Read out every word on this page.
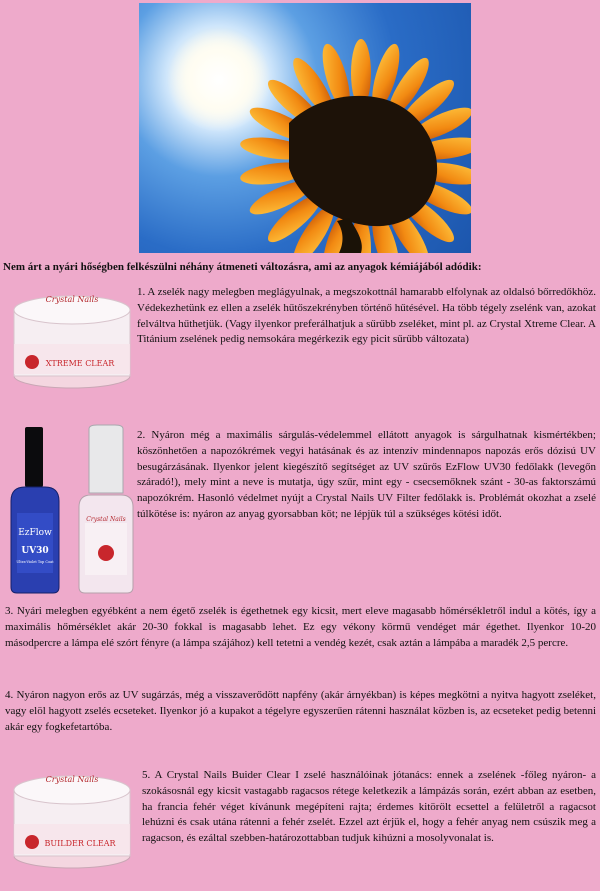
Nem árt a nyári hőségben felkészülni néhány átmeneti változásra, ami az anyagok kémiájából adódik:
Crystal Nails
XTREME CLEAR

1. A zselék nagy melegben meglágyulnak, a megszokottnál hamarabb elfolynak az oldalsó bőrredőkhöz. Védekezhetünk ez ellen a zselék hűtőszekrényben történő hűtésével. Ha több tégely zselénk van, azokat felváltva hűthetjük. (Vagy ilyenkor preferálhatjuk a sűrűbb zseléket, mint pl. az Crystal Xtreme Clear. A Titánium zselének pedig nemsokára megérkezik egy picit sűrűbb változata)

EzFlow
UV30
Ultra-Violet Top Coat
Crystal Nails

2. Nyáron még a maximális sárgulás-védelemmel ellátott anyagok is sárgulhatnak kismértékben; köszönhetően a napozókrémek vegyi hatásának és az intenzív mindennapos napozás erős dózisú UV besugárzásának. Ilyenkor jelent kiegészítő segítséget az UV szűrős EzFlow UV30 fedőlakk (levegőn száradó!), mely mint a neve is mutatja, úgy szűr, mint egy - csecsemőknek szánt - 30-as faktorszámú napozókrém. Hasonló védelmet nyújt a Crystal Nails UV Filter fedőlakk is. Problémát okozhat a zselé túlkötése is: nyáron az anyag gyorsabban köt; ne lépjük túl a szükséges kötési időt.

3. Nyári melegben egyébként a nem égető zselék is égethetnek egy kicsit, mert eleve magasabb hőmérsékletről indul a kötés, így a maximális hőmérséklet akár 20-30 fokkal is magasabb lehet. Ez egy vékony körmű vendéget már égethet. Ilyenkor 10-20 másodpercre a lámpa elé szórt fényre (a lámpa szájához) kell tetetni a vendég kezét, csak aztán a lámpába a maradék 2,5 percre.

4. Nyáron nagyon erős az UV sugárzás, még a visszaverődött napfény (akár árnyékban) is képes megkötni a nyitva hagyott zseléket, vagy elöl hagyott zselés ecseteket. Ilyenkor jó a kupakot a tégelyre egyszerűen rátenni használat közben is, az ecseteket pedig betenni akár egy fogkefetartóba.

Crystal Nails
BUILDER CLEAR

5. A Crystal Nails Buider Clear I zselé használóinak jótanács: ennek a zselének -főleg nyáron- a szokásosnál egy kicsit vastagabb ragacsos rétege keletkezik a lámpázás során, ezért abban az esetben, ha francia fehér véget kívánunk megépíteni rajta; érdemes kitörölt ecsettel a felületről a ragacsot lehúzni és csak utána rátenni a fehér zselét. Ezzel azt érjük el, hogy a fehér anyag nem csúszik meg a ragacson, és ezáltal szebben-határozottabban tudjuk kihúzni a mosolyvonalat is.
